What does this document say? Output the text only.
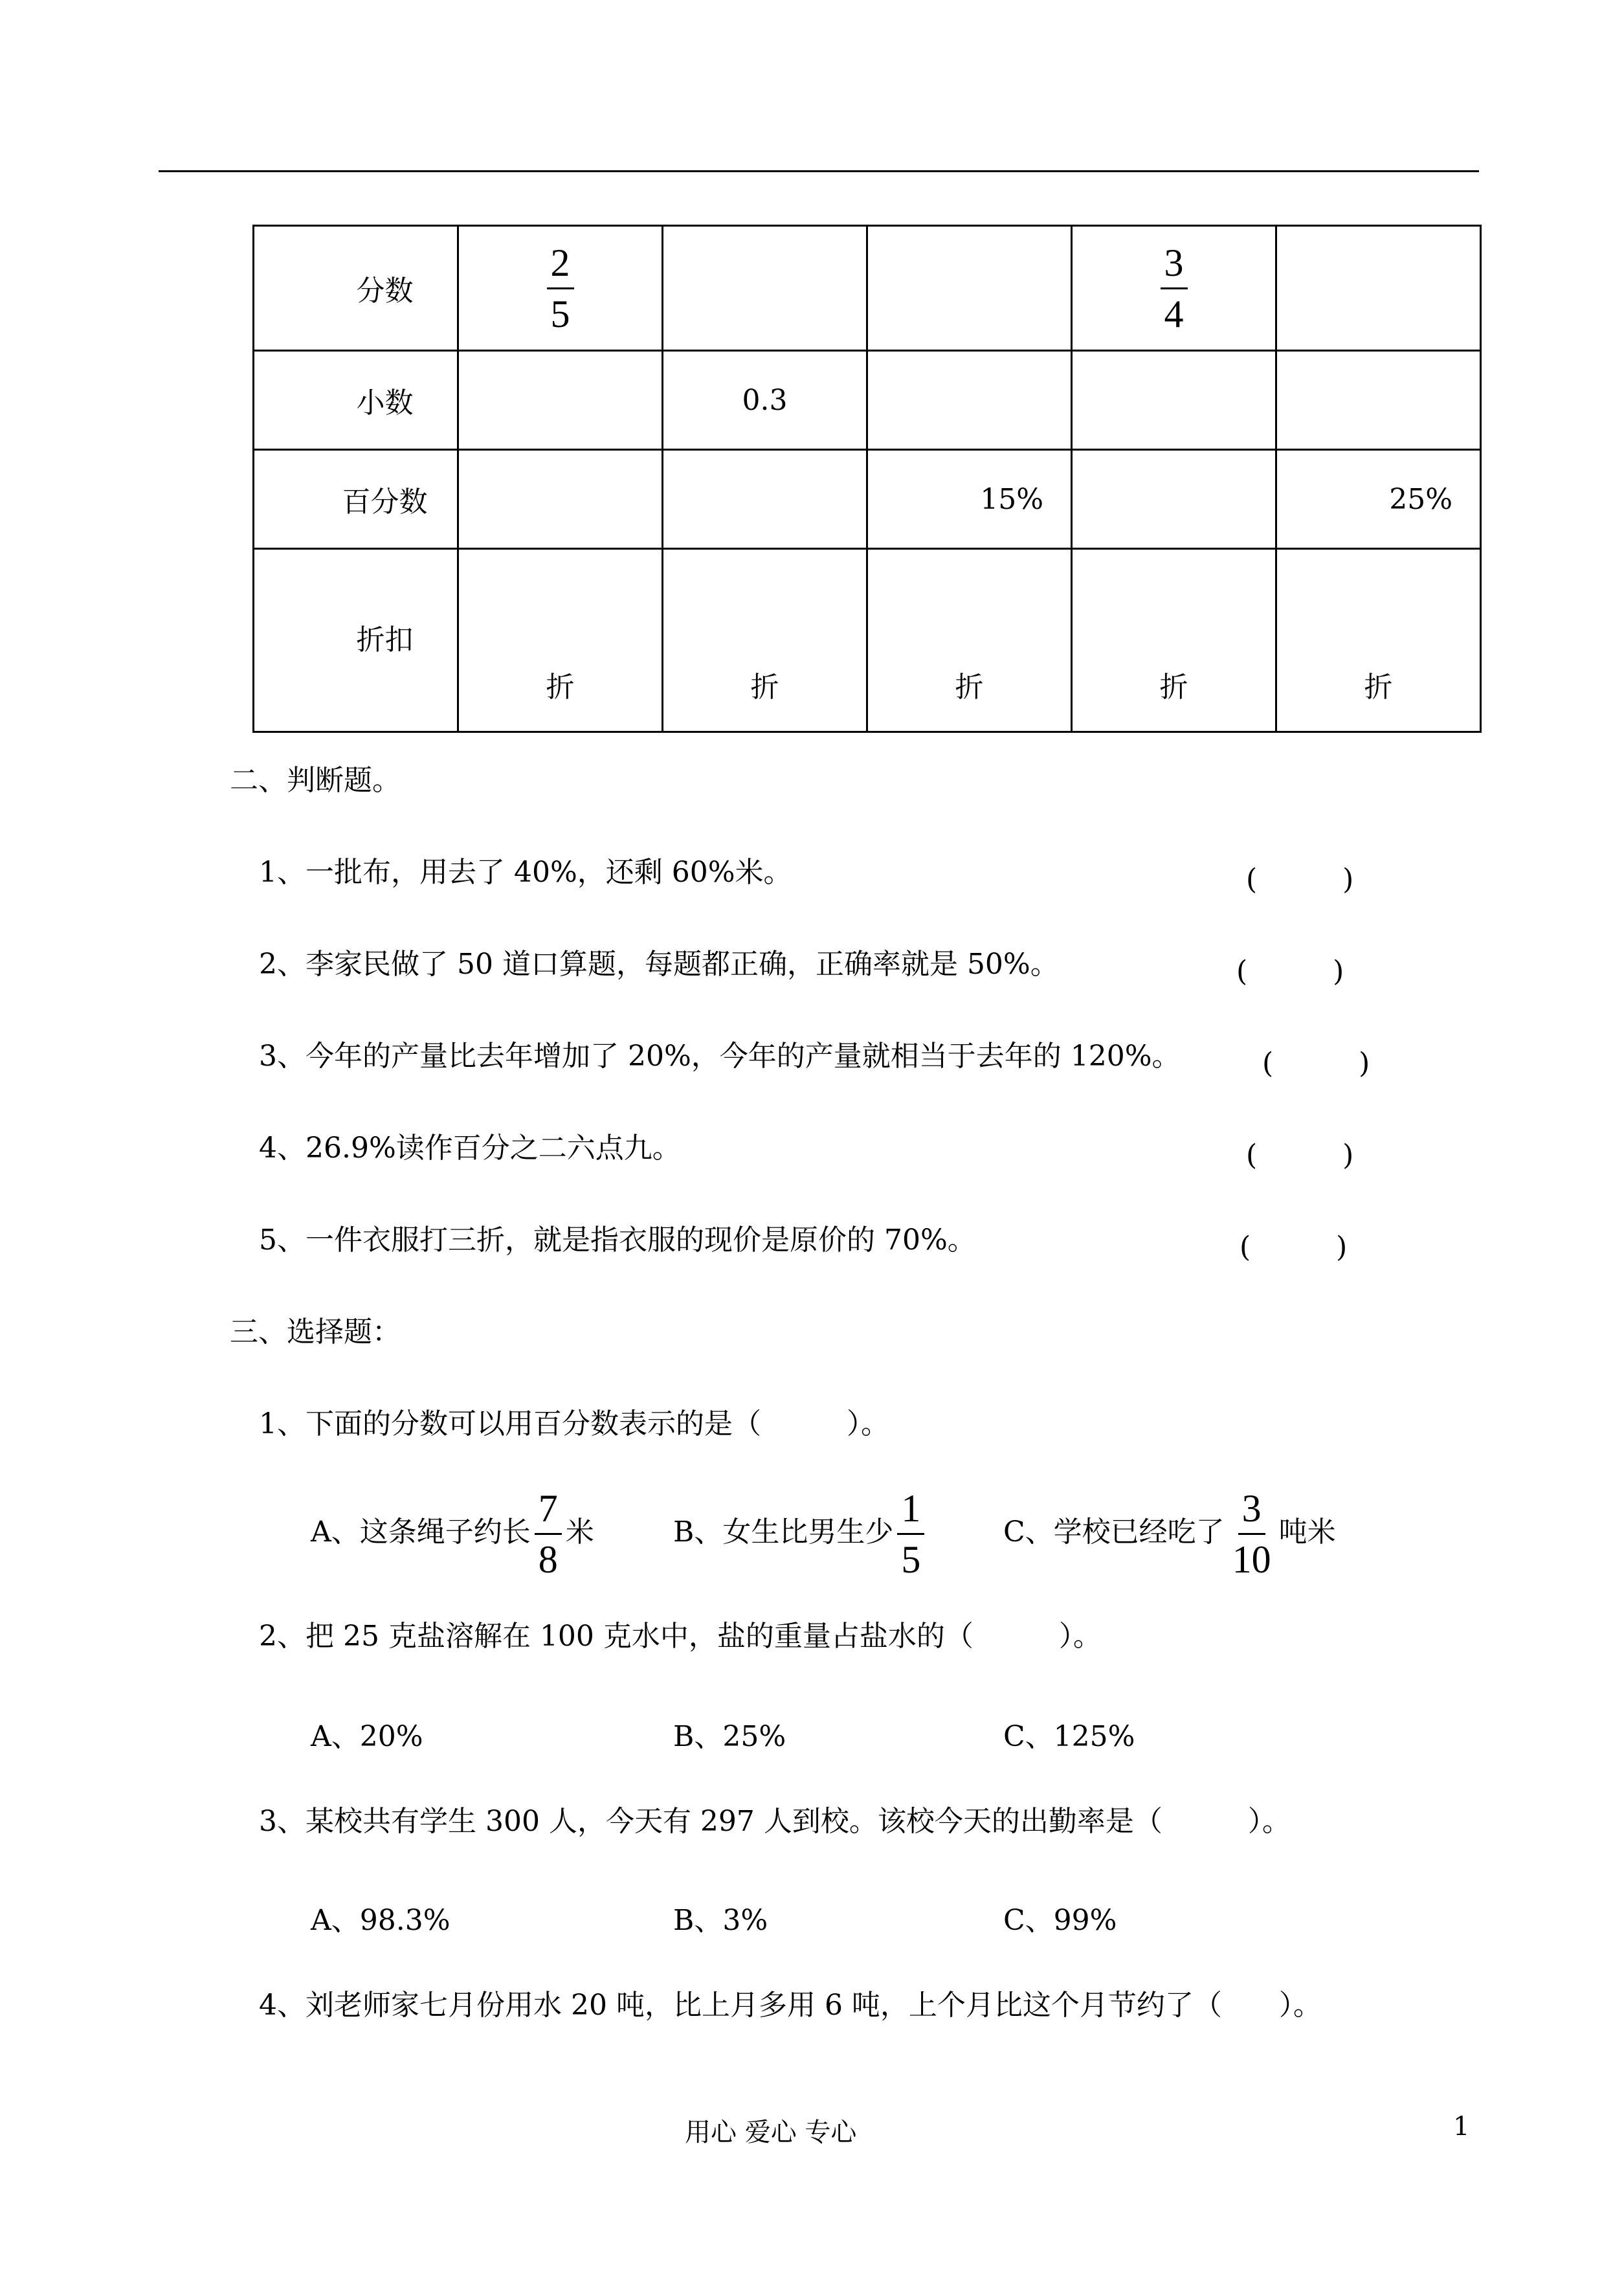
分数	$\frac{2}{5}$			$\frac{3}{4}$

小数		0.3			
百分数			15%		25%
折扣	折	折	折	折	折
二、判断题。
1、一批布，用去了 40%，还剩 60%米。	(　　　)
2、李家民做了 50 道口算题，每题都正确，正确率就是 50%。	(　　　)
3、今年的产量比去年增加了 20%，今年的产量就相当于去年的 120%。	(　　　)
4、26.9%读作百分之二六点九。	(　　　)
5、一件衣服打三折，就是指衣服的现价是原价的 70%。	(　　　)
三、选择题：
1、下面的分数可以用百分数表示的是（　　　）。
A、这条绳子约长 $\frac{7}{8}$ 米	B、女生比男生少 $\frac{1}{5}$	C、学校已经吃了 $\frac{3}{10}$ 吨米
2、把 25 克盐溶解在 100 克水中，盐的重量占盐水的（　　　）。
A、20%	B、25%	C、125%
3、某校共有学生 300 人，今天有 297 人到校。该校今天的出勤率是（　　　）。
A、98.3%	B、3%	C、99%
4、刘老师家七月份用水 20 吨，比上月多用 6 吨，上个月比这个月节约了（　　）。
用心 爱心 专心	1
